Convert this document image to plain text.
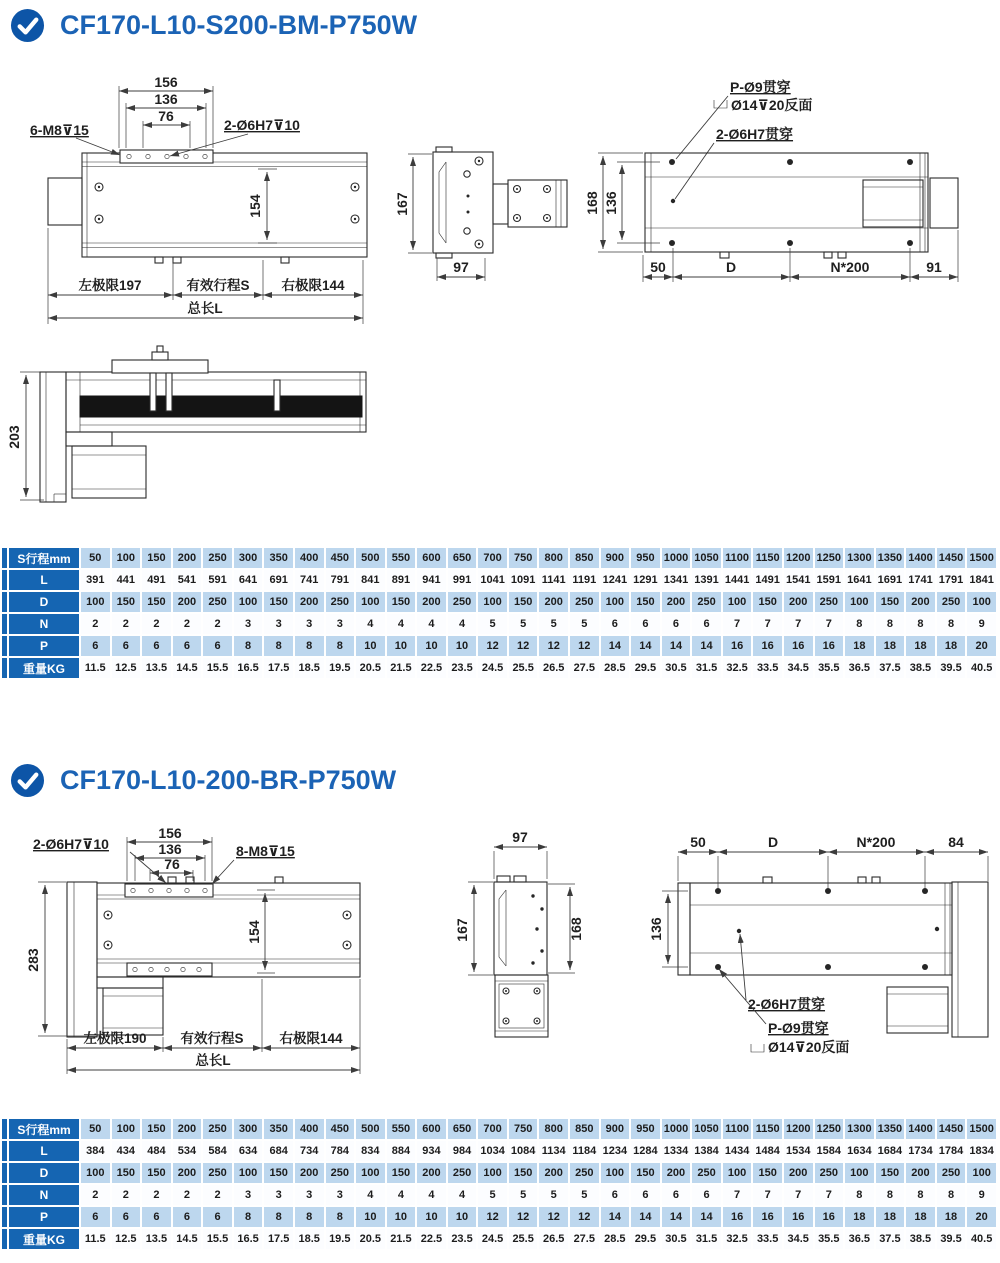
CF170-L10-S200-BM-P750W
156
136
76
6-M8⊽15	2-Ø6H7⊽10
154
左极限197	有效行程S 右极限144
总长L
167
97
P-Ø9贯穿
Ø14⊽20反面
2-Ø6H7贯穿
168 136
50	D	N*200	91
203
	S行程mm	50	100	150	200	250	300	350	400	450	500	550	600	650	700	750	800	850	900	950	1000	1050	1100	1150	1200	1250	1300	1350	1400	1450	1500
	L	391	441	491	541	591	641	691	741	791	841	891	941	991	1041	1091	1141	1191	1241	1291	1341	1391	1441	1491	1541	1591	1641	1691	1741	1791	1841
	D	100	150	150	200	250	100	150	200	250	100	150	200	250	100	150	200	250	100	150	200	250	100	150	200	250	100	150	200	250	100
	N	2	2	2	2	2	3	3	3	3	4	4	4	4	5	5	5	5	6	6	6	6	7	7	7	7	8	8	8	8	9
	P	6	6	6	6	6	8	8	8	8	10	10	10	10	12	12	12	12	14	14	14	14	16	16	16	16	18	18	18	18	20
	重量KG	11.5	12.5	13.5	14.5	15.5	16.5	17.5	18.5	19.5	20.5	21.5	22.5	23.5	24.5	25.5	26.5	27.5	28.5	29.5	30.5	31.5	32.5	33.5	34.5	35.5	36.5	37.5	38.5	39.5	40.5
CF170-L10-200-BR-P750W
283
156
136
76
2-Ø6H7⊽10	8-M8⊽15
154
左极限190	有效行程S	右极限144
总长L
97
167	168
50	D	N*200	84
136
2-Ø6H7贯穿
P-Ø9贯穿
Ø14⊽20反面
	S行程mm	50	100	150	200	250	300	350	400	450	500	550	600	650	700	750	800	850	900	950	1000	1050	1100	1150	1200	1250	1300	1350	1400	1450	1500
	L	384	434	484	534	584	634	684	734	784	834	884	934	984	1034	1084	1134	1184	1234	1284	1334	1384	1434	1484	1534	1584	1634	1684	1734	1784	1834
	D	100	150	150	200	250	100	150	200	250	100	150	200	250	100	150	200	250	100	150	200	250	100	150	200	250	100	150	200	250	100
	N	2	2	2	2	2	3	3	3	3	4	4	4	4	5	5	5	5	6	6	6	6	7	7	7	7	8	8	8	8	9
	P	6	6	6	6	6	8	8	8	8	10	10	10	10	12	12	12	12	14	14	14	14	16	16	16	16	18	18	18	18	20
	重量KG	11.5	12.5	13.5	14.5	15.5	16.5	17.5	18.5	19.5	20.5	21.5	22.5	23.5	24.5	25.5	26.5	27.5	28.5	29.5	30.5	31.5	32.5	33.5	34.5	35.5	36.5	37.5	38.5	39.5	40.5
